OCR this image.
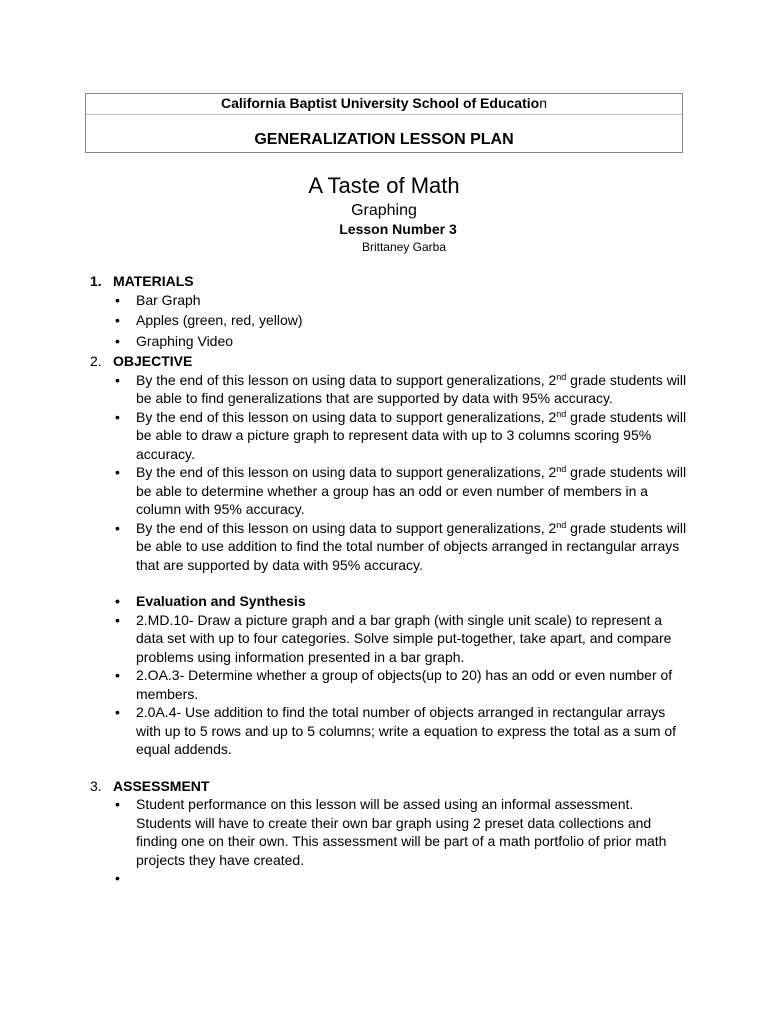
California Baptist University School of Education
GENERALIZATION LESSON PLAN
A Taste of Math
Graphing
Lesson Number 3
Brittaney Garba
1. MATERIALS
• Bar Graph
• Apples (green, red, yellow)
• Graphing Video
2. OBJECTIVE
• By the end of this lesson on using data to support generalizations, 2nd grade students will be able to find generalizations that are supported by data with 95% accuracy.
• By the end of this lesson on using data to support generalizations, 2nd grade students will be able to draw a picture graph to represent data with up to 3 columns scoring 95% accuracy.
• By the end of this lesson on using data to support generalizations, 2nd grade students will be able to determine whether a group has an odd or even number of members in a column with 95% accuracy.
• By the end of this lesson on using data to support generalizations, 2nd grade students will be able to use addition to find the total number of objects arranged in rectangular arrays that are supported by data with 95% accuracy.
• Evaluation and Synthesis
• 2.MD.10- Draw a picture graph and a bar graph (with single unit scale) to represent a data set with up to four categories. Solve simple put-together, take apart, and compare problems using information presented in a bar graph.
• 2.OA.3- Determine whether a group of objects(up to 20) has an odd or even number of members.
• 2.0A.4- Use addition to find the total number of objects arranged in rectangular arrays with up to 5 rows and up to 5 columns; write a equation to express the total as a sum of equal addends.
3. ASSESSMENT
• Student performance on this lesson will be assed using an informal assessment. Students will have to create their own bar graph using 2 preset data collections and finding one on their own. This assessment will be part of a math portfolio of prior math projects they have created.
•
